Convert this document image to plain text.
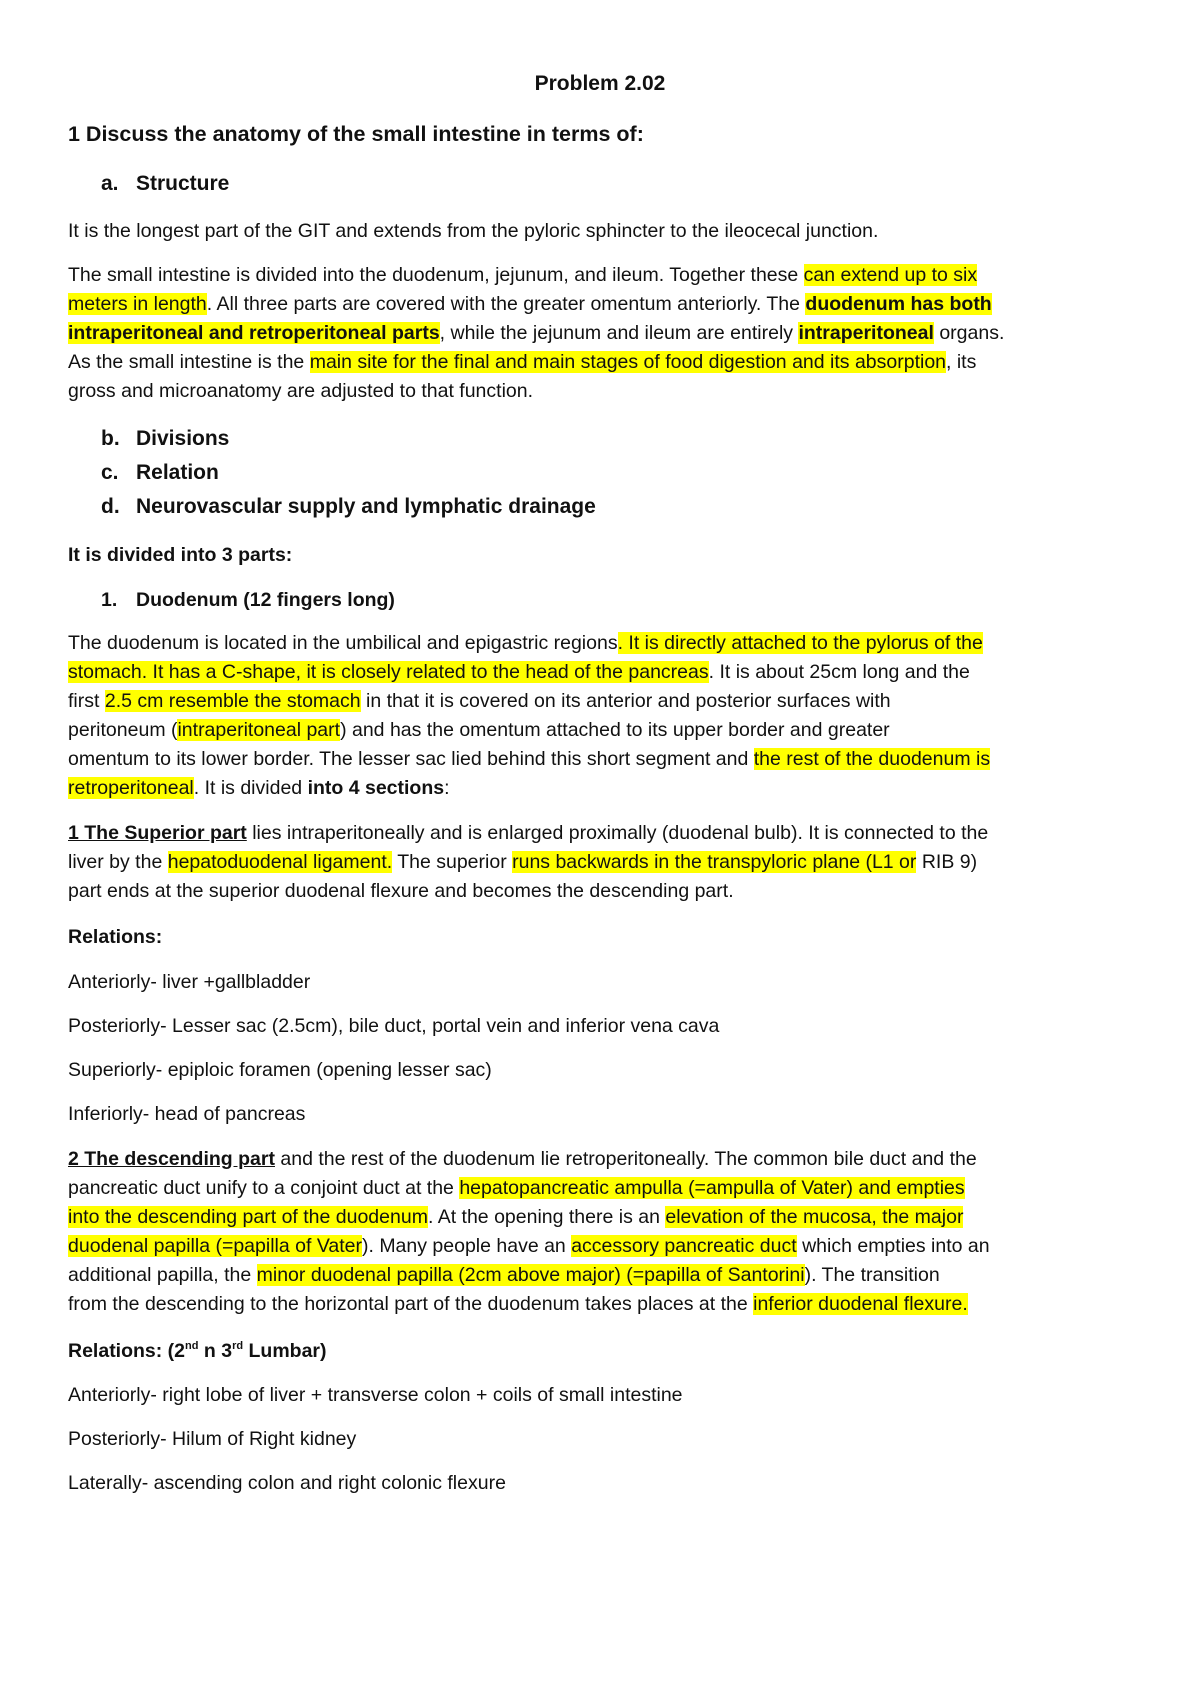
Problem 2.02
1 Discuss the anatomy of the small intestine in terms of:
a. Structure
It is the longest part of the GIT and extends from the pyloric sphincter to the ileocecal junction.
The small intestine is divided into the duodenum, jejunum, and ileum. Together these can extend up to six
meters in length. All three parts are covered with the greater omentum anteriorly. The duodenum has both
intraperitoneal and retroperitoneal parts, while the jejunum and ileum are entirely intraperitoneal organs.
As the small intestine is the main site for the final and main stages of food digestion and its absorption, its
gross and microanatomy are adjusted to that function.
b. Divisions
c. Relation
d. Neurovascular supply and lymphatic drainage
It is divided into 3 parts:
1. Duodenum (12 fingers long)
The duodenum is located in the umbilical and epigastric regions. It is directly attached to the pylorus of the
stomach. It has a C-shape, it is closely related to the head of the pancreas. It is about 25cm long and the
first 2.5 cm resemble the stomach in that it is covered on its anterior and posterior surfaces with
peritoneum (intraperitoneal part) and has the omentum attached to its upper border and greater
omentum to its lower border. The lesser sac lied behind this short segment and the rest of the duodenum is
retroperitoneal. It is divided into 4 sections:
1 The Superior part lies intraperitoneally and is enlarged proximally (duodenal bulb). It is connected to the
liver by the hepatoduodenal ligament. The superior runs backwards in the transpyloric plane (L1 or RIB 9)
part ends at the superior duodenal flexure and becomes the descending part.
Relations:
Anteriorly- liver +gallbladder
Posteriorly- Lesser sac (2.5cm), bile duct, portal vein and inferior vena cava
Superiorly- epiploic foramen (opening lesser sac)
Inferiorly- head of pancreas
2 The descending part and the rest of the duodenum lie retroperitoneally. The common bile duct and the
pancreatic duct unify to a conjoint duct at the hepatopancreatic ampulla (=ampulla of Vater) and empties
into the descending part of the duodenum. At the opening there is an elevation of the mucosa, the major
duodenal papilla (=papilla of Vater). Many people have an accessory pancreatic duct which empties into an
additional papilla, the minor duodenal papilla (2cm above major) (=papilla of Santorini). The transition
from the descending to the horizontal part of the duodenum takes places at the inferior duodenal flexure.
Relations: (2nd n 3rd Lumbar)
Anteriorly- right lobe of liver + transverse colon + coils of small intestine
Posteriorly- Hilum of Right kidney
Laterally- ascending colon and right colonic flexure
